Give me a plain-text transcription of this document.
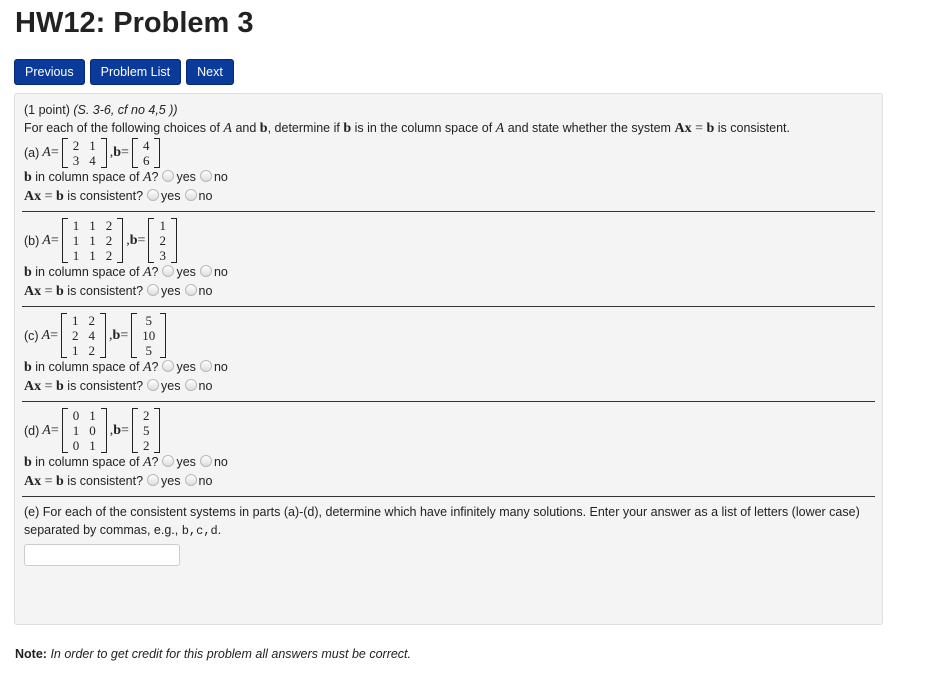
HW12: Problem 3
Previous	Problem List	Next
(1 point) (S. 3-6, cf no 4,5 ))
For each of the following choices of A and b, determine if b is in the column space of A and state whether the system Ax = b is consistent.
(a) A = 2	1
3	4
, b = 4
6
b in column space of A? yes no
Ax = b is consistent? yes no
(b) A =
1	1	2
1	1	2
1	1	2
, b =
1
2
3
b in column space of A? yes no
Ax = b is consistent? yes no
(c) A =
1	2
2	4
1	2
, b =
5
10
5
b in column space of A? yes no
Ax = b is consistent? yes no
(d) A =
0	1
1	0
0	1
, b =
2
5
2
b in column space of A? yes no
Ax = b is consistent? yes no
(e) For each of the consistent systems in parts (a)-(d), determine which have infinitely many solutions. Enter your answer as a list of letters (lower case)
separated by commas, e.g., b,c,d.
Note: In order to get credit for this problem all answers must be correct.
